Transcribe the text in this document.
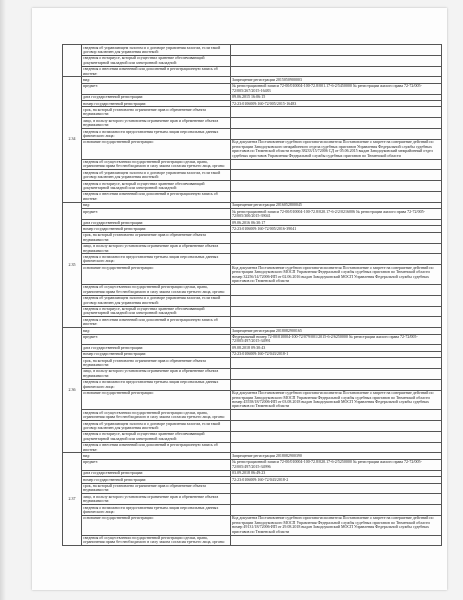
	сведения об управляющем залогом и о договоре управления залогом, если такой договор заключен для управления ипотекой:	
	сведения о нотариусе, который осуществил хранение обеспечивающий документарной закладной или электронной закладной:	
	сведения о внесении изменений или дополнений в регистрационную запись об ипотеке:	
2.34	вид:	Запрещение регистрации 2015050900003
	предмет:	№ регистрационной записи 72-00/010004-100-72.8/001.17-6-2/5450000 № регистрации жилого права 72-72/005-72/005/267/2015-16483
	дата государственной регистрации:	09.06.2015 16:06:15
	номер государственной регистрации:	72:23:0106009:160-72/005/2015-16483
	срок, на который установлено ограничение прав и обременение объекта недвижимости:	
	лицо, в пользу которого установлены ограничение прав и обременение объекта недвижимости:	
	сведения о возможности предоставления третьим лицам персональных данных физического лица:	
	основание государственной регистрации:	Код документа Постановление судебного пристава-исполнителя Постановление о запрете на совершение действий по регистрации Заводоуковского межрайонного отдела судебных приставов Управления Федеральной службы судебных приставов по Тюменской области номер 38233/15/72006 СД от 05.06.2015 выдан Заводоуковский межрайонный отдел судебных приставов Управления Федеральной службы судебных приставов по Тюменской области
	сведения об осуществлении государственной регистрации сделки, права, ограничения права без необходимого в силу закона согласия третьего лица, органа:	
	сведения об управляющем залогом и о договоре управления залогом, если такой договор заключен для управления ипотекой:	
	сведения о нотариусе, который осуществил хранение обеспечивающий документарной закладной или электронной закладной:	
	сведения о внесении изменений или дополнений в регистрационную запись об ипотеке:	
2.35	вид:	Запрещение регистрации 2016052800045
	предмет:	№ регистрационной записи 72-00/010004-100-72.8/020.17-6-2/2/0216006 № регистрации жилого права 72-72/005-72/005/300/2015-39041
	дата государственной регистрации:	09.06.2016 06:30:17
	номер государственной регистрации:	72:23:0106009:160-72/005/2016-39041
	срок, на который установлено ограничение прав и обременение объекта недвижимости:	
	лицо, в пользу которого установлены ограничение прав и обременение объекта недвижимости:	
	сведения о возможности предоставления третьим лицам персональных данных физического лица:	
	основание государственной регистрации:	Код документа Постановление судебного пристава-исполнителя Постановление о запрете на совершение действий по регистрации Заводоуковского МОСП Управления Федеральной службы судебных приставов по Тюменской области номер 32256/14/72006-ИП от 02.06.2016 выдан Заводоуковский МОСП Управления Федеральной службы судебных приставов по Тюменской области
	сведения об осуществлении государственной регистрации сделки, права, ограничения права без необходимого в силу закона согласия третьего лица, органа:	
	сведения об управляющем залогом и о договоре управления залогом, если такой договор заключен для управления ипотекой:	
	сведения о нотариусе, который осуществил хранение обеспечивающий документарной закладной или электронной закладной:	
	сведения о внесении изменений или дополнений в регистрационную запись об ипотеке:	
2.36	вид:	Запрещение регистрации 2018082900165
	предмет:	Федеральный номер 72-00/010004-100-72/079/001/2015-6-2/6250000 № регистрации жилого права 72-72/005-72/005/497/2015-34991
	дата государственной регистрации:	09.08.2018 09:30:43
	номер государственной регистрации:	72:23:0106009:160-72/043/2018-1
	срок, на который установлено ограничение прав и обременение объекта недвижимости:	
	лицо, в пользу которого установлены ограничение прав и обременение объекта недвижимости:	
	сведения о возможности предоставления третьим лицам персональных данных физического лица:	
	основание государственной регистрации:	Код документа Постановление судебного пристава-исполнителя Постановление о запрете на совершение действий по регистрации Заводоуковского МОСП Управления Федеральной службы судебных приставов по Тюменской области номер 45558/18/72006-ИП от 03.08.2018 выдан Заводоуковский МОСП Управления Федеральной службы судебных приставов по Тюменской области
	сведения об осуществлении государственной регистрации сделки, права, ограничения права без необходимого в силу закона согласия третьего лица, органа:	
	сведения об управляющем залогом и о договоре управления залогом, если такой договор заключен для управления ипотекой:	
	сведения о нотариусе, который осуществил хранение обеспечивающий документарной закладной или электронной закладной:	
	сведения о внесении изменений или дополнений в регистрационную запись об ипотеке:	
2.37	вид:	Запрещение регистрации 2018082900390
	предмет:	№ регистрационной записи 72-00/010004-100-72.8/020.17-6-2/5250000 № регистрации жилого права 72-72/005-72/005/497/2015-34996
	дата государственной регистрации:	03.09.2018 06:49:23
	номер государственной регистрации:	72:23:0106009:160-72/043/2018-2
	срок, на который установлено ограничение прав и обременение объекта недвижимости:	
	лицо, в пользу которого установлены ограничение прав и обременение объекта недвижимости:	
	сведения о возможности предоставления третьим лицам персональных данных физического лица:	
	основание государственной регистрации:	Код документа Постановление судебного пристава-исполнителя Постановление о запрете на совершение действий по регистрации Заводоуковского МОСП Управления Федеральной службы судебных приставов по Тюменской области номер 49131/18/72006-ИП от 29.08.2018 выдан Заводоуковский МОСП Управления Федеральной службы судебных приставов по Тюменской области
	сведения об осуществлении государственной регистрации сделки, права, ограничения права без необходимого в силу закона согласия третьего лица, органа:	
